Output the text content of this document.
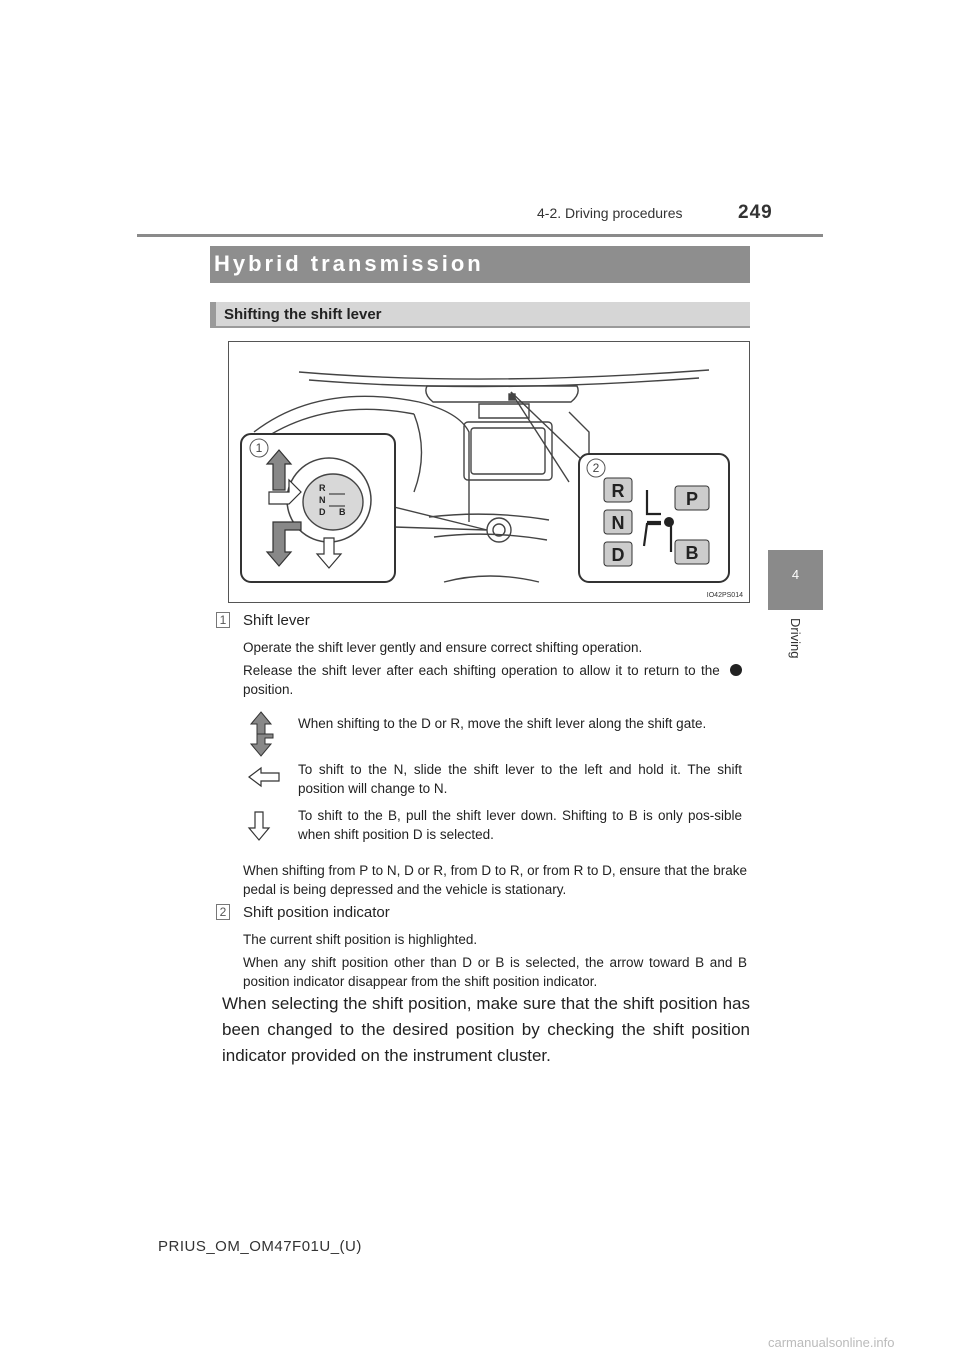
4-2. Driving procedures	249
4
Driving
Hybrid transmission
Shifting the shift lever
1
R
N
D B
2
R
N
D
P
B
IO42PS014
1 Shift lever
Operate the shift lever gently and ensure correct shifting operation.
Release the shift lever after each shifting operation to allow it to return to the  position.
When shifting to the D or R, move the shift lever along the shift gate.
To shift to the N, slide the shift lever to the left and hold it. The shift position will change to N.
To shift to the B, pull the shift lever down. Shifting to B is only pos-sible when shift position D is selected.
When shifting from P to N, D or R, from D to R, or from R to D, ensure that the brake pedal is being depressed and the vehicle is stationary.
2 Shift position indicator
The current shift position is highlighted.
When any shift position other than D or B is selected, the arrow toward B and B position indicator disappear from the shift position indicator.
When selecting the shift position, make sure that the shift position has been changed to the desired position by checking the shift position indicator provided on the instrument cluster.
PRIUS_OM_OM47F01U_(U)
carmanualsonline.info
